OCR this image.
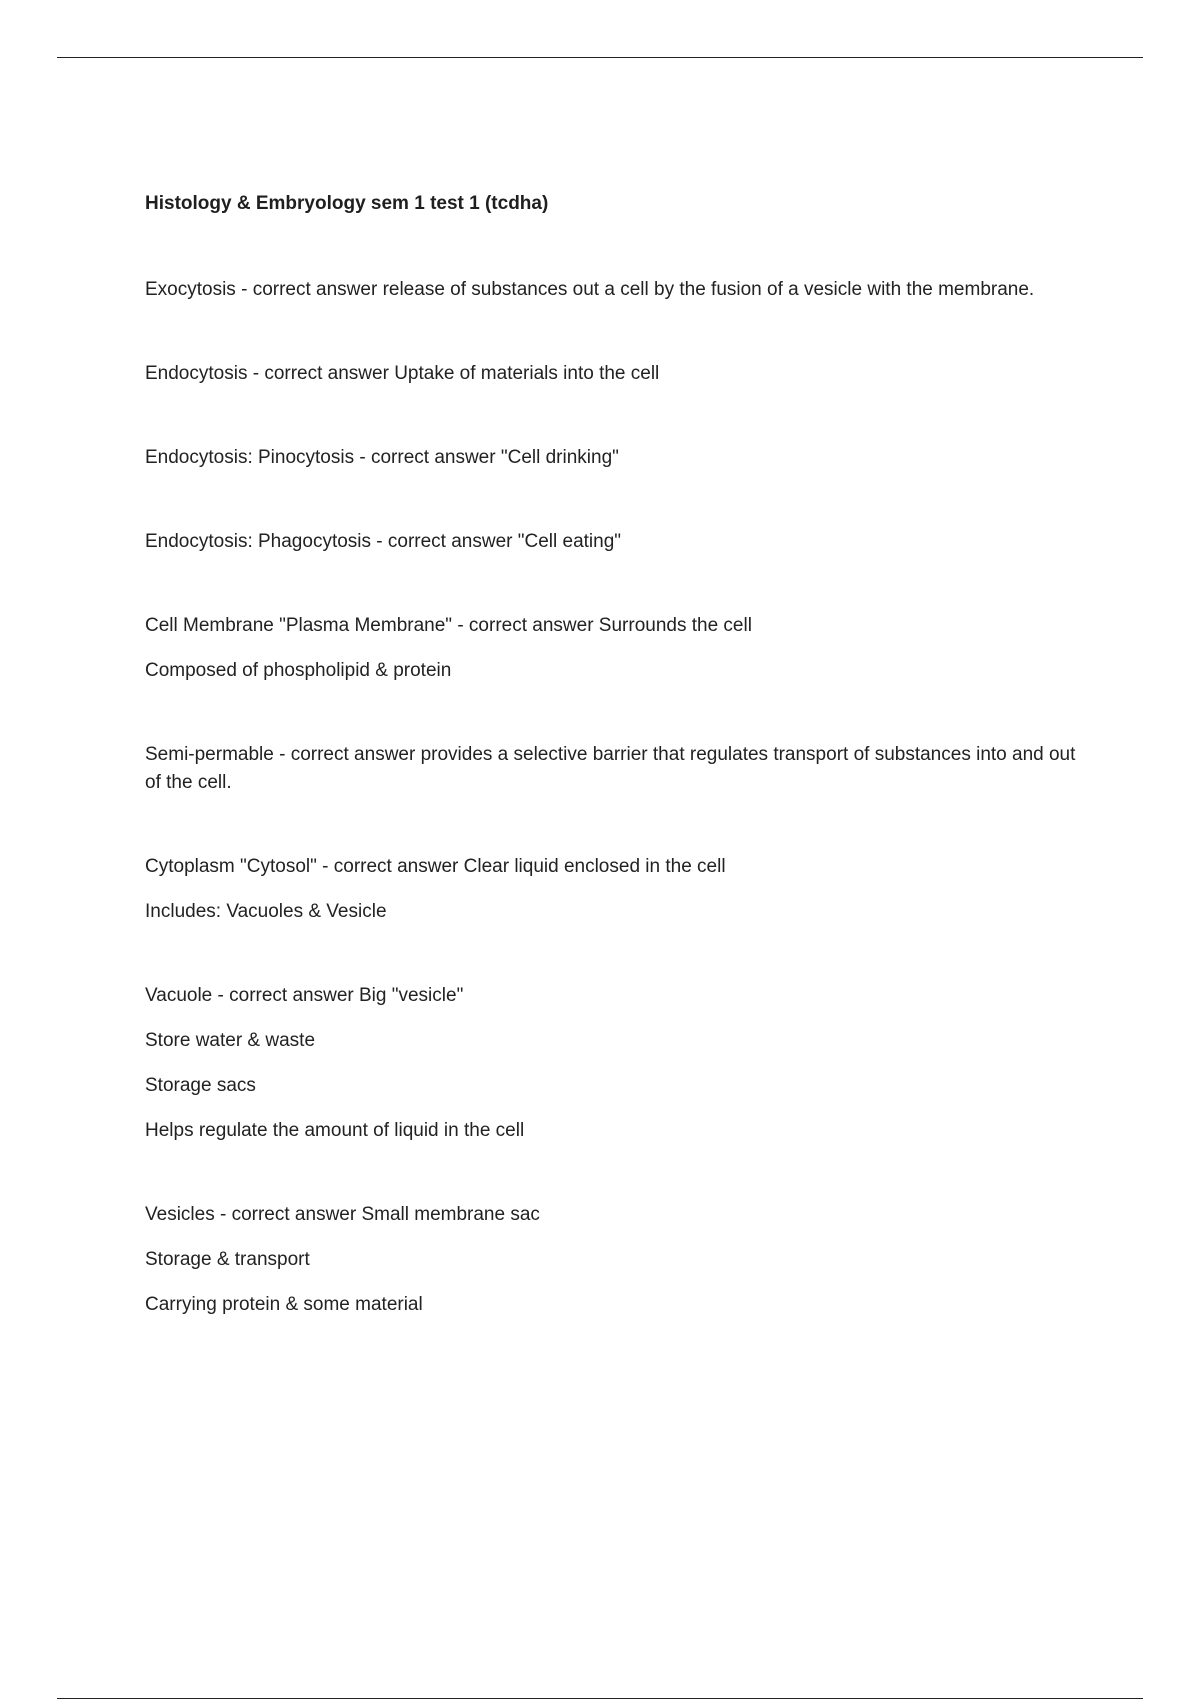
Histology & Embryology sem 1 test 1 (tcdha)

Exocytosis - correct answer release of substances out a cell by the fusion of a vesicle with the membrane.

Endocytosis - correct answer Uptake of materials into the cell

Endocytosis: Pinocytosis - correct answer "Cell drinking"

Endocytosis: Phagocytosis - correct answer "Cell eating"

Cell Membrane "Plasma Membrane" - correct answer Surrounds the cell

Composed of phospholipid & protein

Semi-permable - correct answer provides a selective barrier that regulates transport of substances into and out of the cell.

Cytoplasm "Cytosol" - correct answer Clear liquid enclosed in the cell

Includes: Vacuoles & Vesicle

Vacuole - correct answer Big "vesicle"

Store water & waste

Storage sacs

Helps regulate the amount of liquid in the cell

Vesicles - correct answer Small membrane sac

Storage & transport

Carrying protein & some material
